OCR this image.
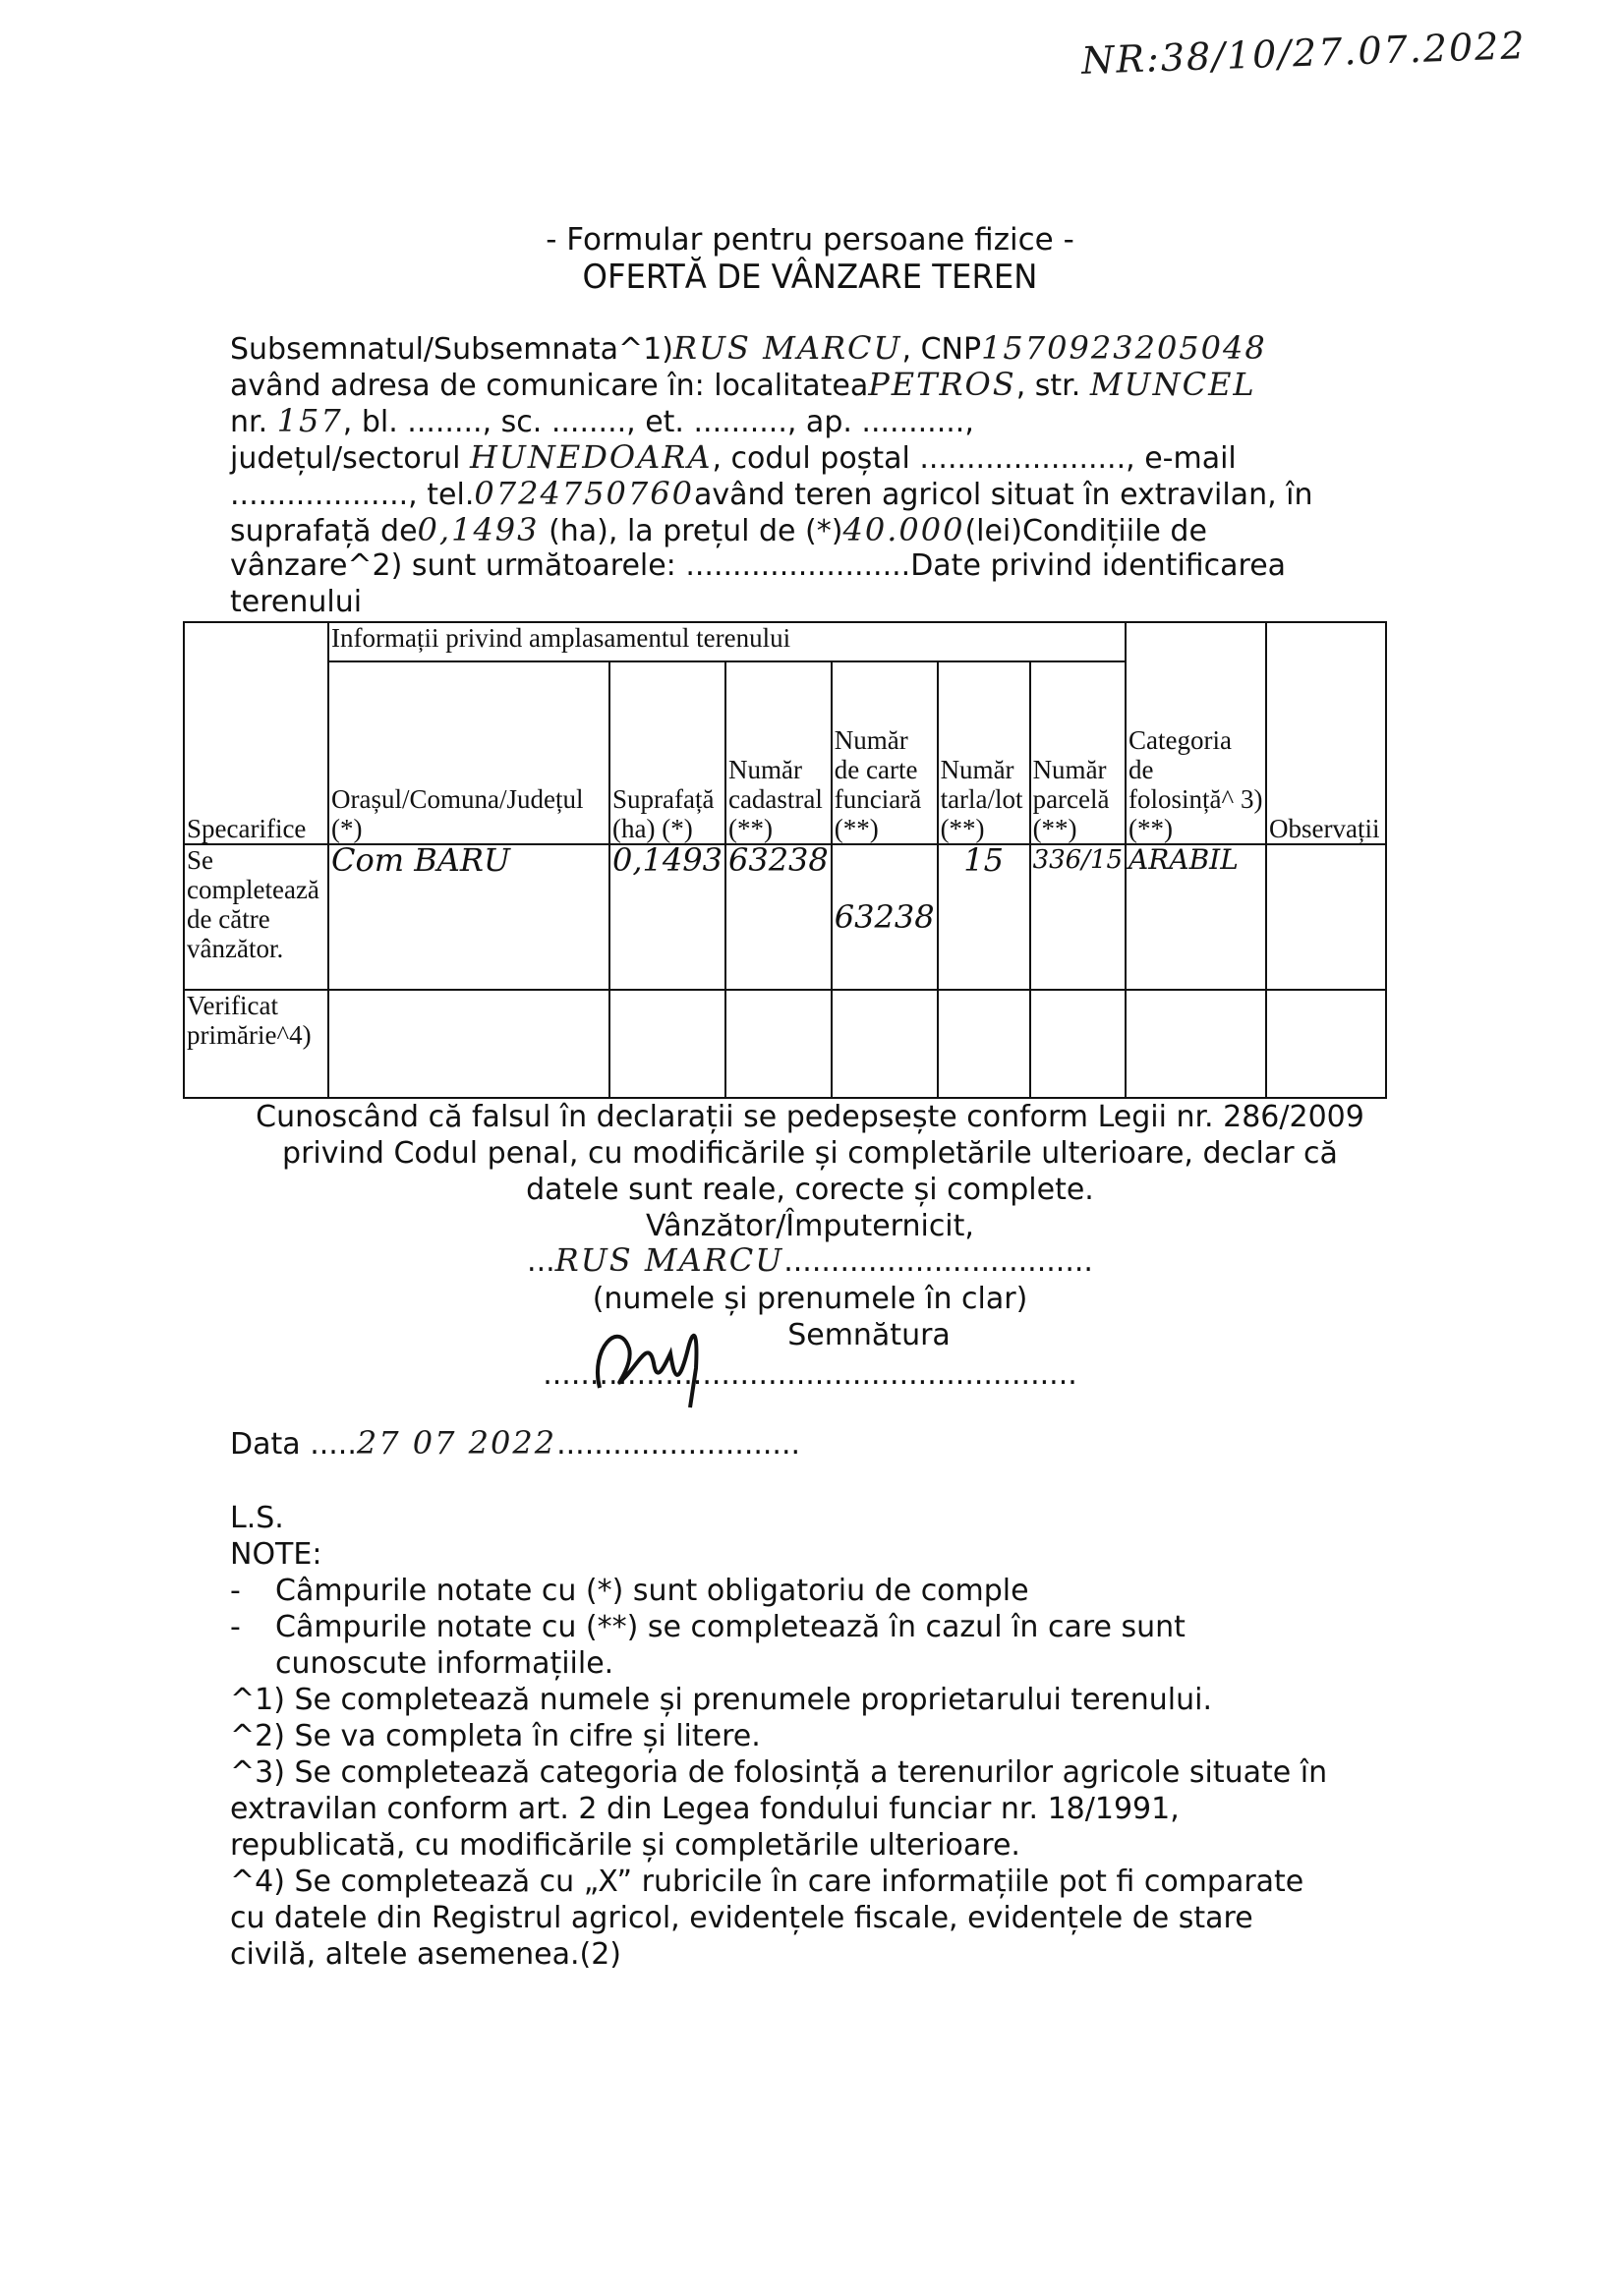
NR:38/10/27.07.2022
- Formular pentru persoane fizice -
OFERTĂ DE VÂNZARE TEREN
Subsemnatul/Subsemnata^1)RUS MARCU, CNP1570923205048
având adresa de comunicare în: localitateaPETROS, str. MUNCEL
nr. 157, bl. ........, sc. ........, et. .........., ap. ...........,
județul/sectorul HUNEDOARA, codul poștal ......................, e-mail
..................., tel.0724750760având teren agricol situat în extravilan, în
suprafață de0,1493 (ha), la prețul de (*)40.000(lei)Condițiile de
vânzare^2) sunt următoarele: ........................Date privind identificarea
terenului
Specarifice	Informații privind amplasamentul terenului						Categoria de folosință^ 3) (**)	Observații
	Orașul/Comuna/Județul (*)	Suprafață (ha) (*)	Număr cadastral (**)	Număr de carte funciară (**)	Număr tarla/lot (**)	Număr parcelă (**)		
Se completează de către vânzător.	Com BARU	0,1493	63238	63238	15	336/15	ARABIL	
Verificat primărie^4)								
Cunoscând că falsul în declarații se pedepsește conform Legii nr. 286/2009
privind Codul penal, cu modificările și completările ulterioare, declar că
datele sunt reale, corecte și complete.
Vânzător/Împuternicit,
...RUS MARCU.................................
(numele și prenumele în clar)
Semnătura
.........................................................
Data .....27 07 2022..........................
L.S.
NOTE:
- Câmpurile notate cu (*) sunt obligatoriu de comple
- Câmpurile notate cu (**) se completează în cazul în care sunt
cunoscute informațiile.
^1) Se completează numele și prenumele proprietarului terenului.
^2) Se va completa în cifre și litere.
^3) Se completează categoria de folosință a terenurilor agricole situate în
extravilan conform art. 2 din Legea fondului funciar nr. 18/1991,
republicată, cu modificările și completările ulterioare.
^4) Se completează cu „X” rubricile în care informațiile pot fi comparate
cu datele din Registrul agricol, evidențele fiscale, evidențele de stare
civilă, altele asemenea.(2)
